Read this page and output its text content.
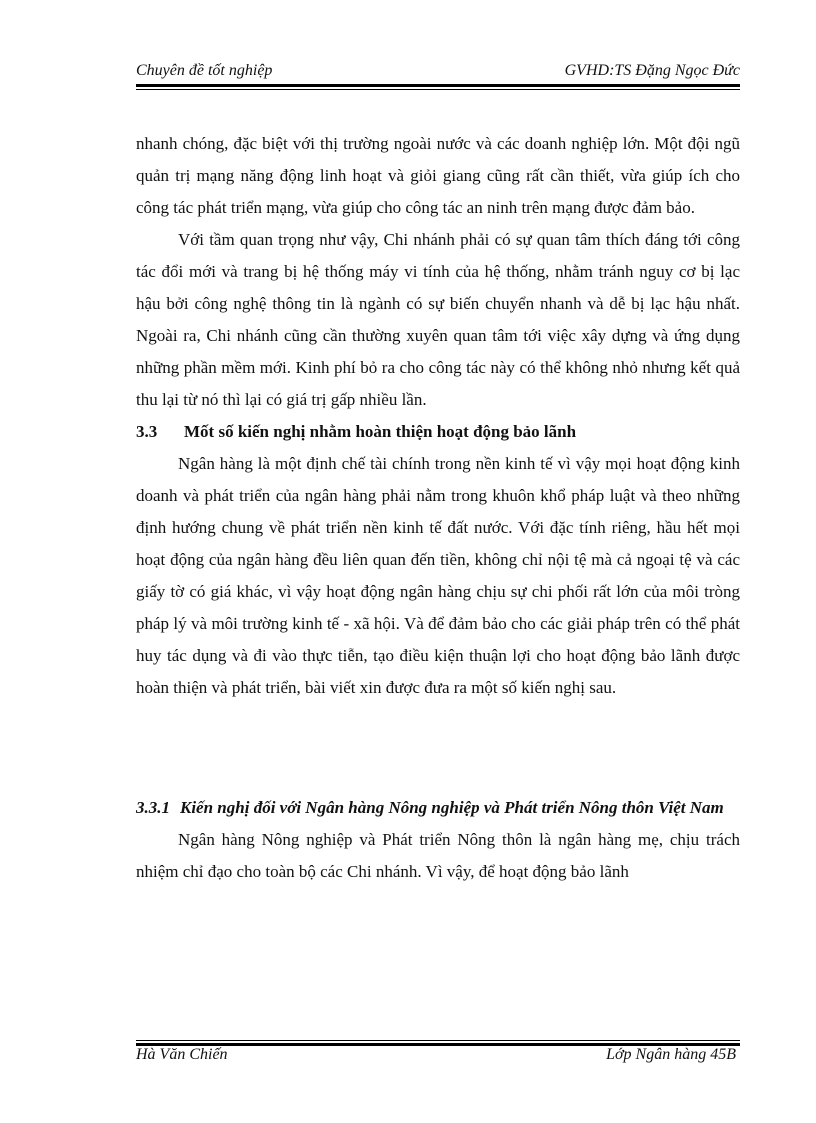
Chuyên đề tốt nghiệp	GVHD:TS Đặng Ngọc Đức

nhanh chóng, đặc biệt với thị trường ngoài nước và các doanh nghiệp lớn. Một đội ngũ quản trị mạng năng động linh hoạt và giỏi giang cũng rất cần thiết, vừa giúp ích cho công tác phát triển mạng, vừa giúp cho công tác an ninh trên mạng được đảm bảo.

Với tầm quan trọng như vậy, Chi nhánh phải có sự quan tâm thích đáng tới công tác đổi mới và trang bị hệ thống máy vi tính của hệ thống, nhằm tránh nguy cơ bị lạc hậu bởi công nghệ thông tin là ngành có sự biến chuyển nhanh và dễ bị lạc hậu nhất. Ngoài ra, Chi nhánh cũng cần thường xuyên quan tâm tới việc xây dựng và ứng dụng những phần mềm mới. Kinh phí bỏ ra cho công tác này có thể không nhỏ nhưng kết quả thu lại từ nó thì lại có giá trị gấp nhiều lần.

3.3 Mốt số kiến nghị nhằm hoàn thiện hoạt động bảo lãnh

Ngân hàng là một định chế tài chính trong nền kinh tế vì vậy mọi hoạt động kinh doanh và phát triển của ngân hàng phải nằm trong khuôn khổ pháp luật và theo những định hướng chung về phát triển nền kinh tế đất nước. Với đặc tính riêng, hầu hết mọi hoạt động của ngân hàng đều liên quan đến tiền, không chỉ nội tệ mà cả ngoại tệ và các giấy tờ có giá khác, vì vậy hoạt động ngân hàng chịu sự chi phối rất lớn của môi tròng pháp lý và môi trường kinh tế - xã hội. Và để đảm bảo cho các giải pháp trên có thể phát huy tác dụng và đi vào thực tiễn, tạo điều kiện thuận lợi cho hoạt động bảo lãnh được hoàn thiện và phát triển, bài viết xin được đưa ra một số kiến nghị sau.

3.3.1 Kiến nghị đối với Ngân hàng Nông nghiệp và Phát triển Nông thôn Việt Nam

Ngân hàng Nông nghiệp và Phát triển Nông thôn là ngân hàng mẹ, chịu trách nhiệm chỉ đạo cho toàn bộ các Chi nhánh. Vì vậy, để hoạt động bảo lãnh

Hà Văn Chiến	Lớp Ngân hàng 45B
